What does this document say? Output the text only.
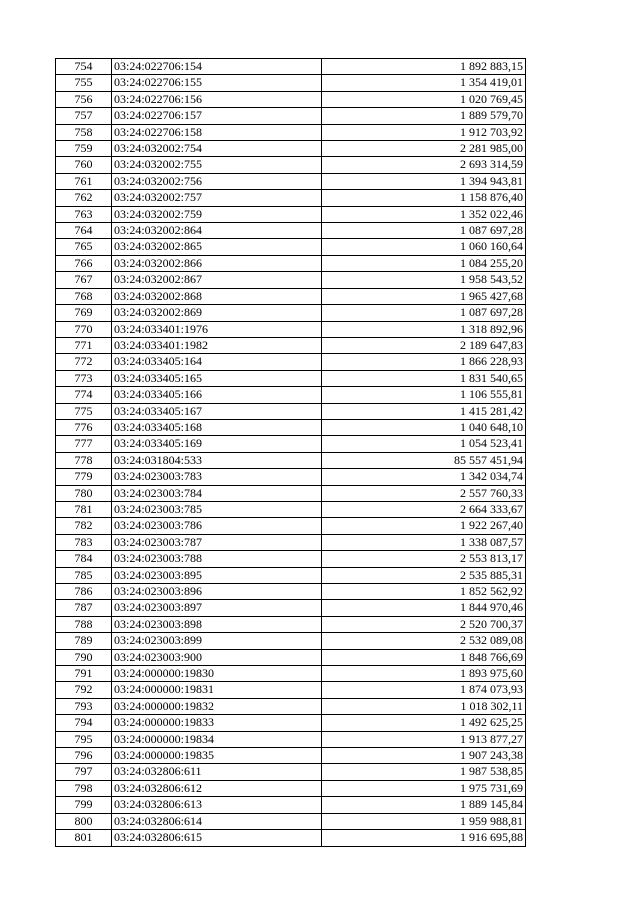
754	03:24:022706:154	1 892 883,15
755	03:24:022706:155	1 354 419,01
756	03:24:022706:156	1 020 769,45
757	03:24:022706:157	1 889 579,70
758	03:24:022706:158	1 912 703,92
759	03:24:032002:754	2 281 985,00
760	03:24:032002:755	2 693 314,59
761	03:24:032002:756	1 394 943,81
762	03:24:032002:757	1 158 876,40
763	03:24:032002:759	1 352 022,46
764	03:24:032002:864	1 087 697,28
765	03:24:032002:865	1 060 160,64
766	03:24:032002:866	1 084 255,20
767	03:24:032002:867	1 958 543,52
768	03:24:032002:868	1 965 427,68
769	03:24:032002:869	1 087 697,28
770	03:24:033401:1976	1 318 892,96
771	03:24:033401:1982	2 189 647,83
772	03:24:033405:164	1 866 228,93
773	03:24:033405:165	1 831 540,65
774	03:24:033405:166	1 106 555,81
775	03:24:033405:167	1 415 281,42
776	03:24:033405:168	1 040 648,10
777	03:24:033405:169	1 054 523,41
778	03:24:031804:533	85 557 451,94
779	03:24:023003:783	1 342 034,74
780	03:24:023003:784	2 557 760,33
781	03:24:023003:785	2 664 333,67
782	03:24:023003:786	1 922 267,40
783	03:24:023003:787	1 338 087,57
784	03:24:023003:788	2 553 813,17
785	03:24:023003:895	2 535 885,31
786	03:24:023003:896	1 852 562,92
787	03:24:023003:897	1 844 970,46
788	03:24:023003:898	2 520 700,37
789	03:24:023003:899	2 532 089,08
790	03:24:023003:900	1 848 766,69
791	03:24:000000:19830	1 893 975,60
792	03:24:000000:19831	1 874 073,93
793	03:24:000000:19832	1 018 302,11
794	03:24:000000:19833	1 492 625,25
795	03:24:000000:19834	1 913 877,27
796	03:24:000000:19835	1 907 243,38
797	03:24:032806:611	1 987 538,85
798	03:24:032806:612	1 975 731,69
799	03:24:032806:613	1 889 145,84
800	03:24:032806:614	1 959 988,81
801	03:24:032806:615	1 916 695,88
